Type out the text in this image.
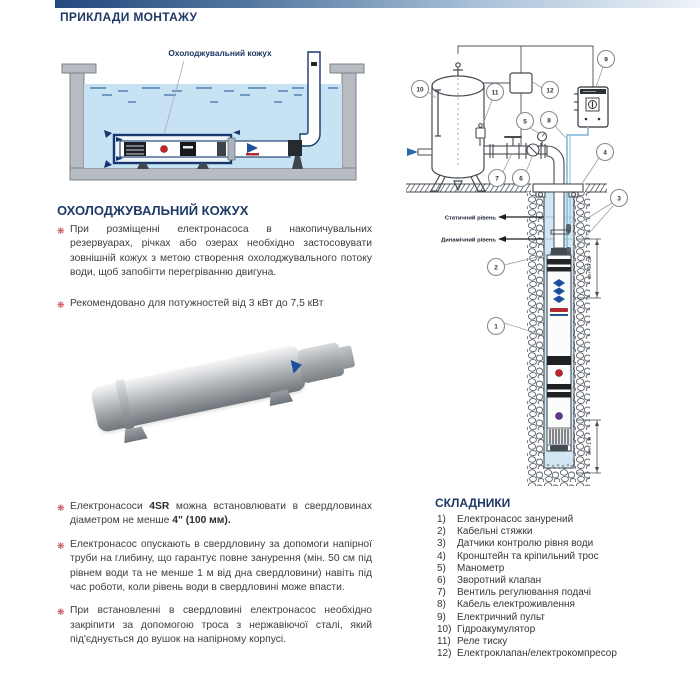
ПРИКЛАДИ МОНТАЖУ
Охолоджувальний кожух
ОХОЛОДЖУВАЛЬНИЙ КОЖУХ
❋ При розміщенні електронасоса в накопичувальних резервуарах, річках або озерах необхідно застосовувати зовнішній кожух з метою створення охолоджувального потоку води, щоб запобігти перегріванню двигуна.
❋ Рекомендовано для потужностей від 3 кВт до 7,5 кВт
❋ Електронасоси 4SR можна встановлювати в свердловинах діаметром не менше 4" (100 мм).
❋ Електронасос опускають в свердловину за допомоги напірної труби на глибину, що гарантує повне занурення (мін. 50 см під рівнем води та не менше 1 м від дна свердловини) навіть під час роботи, коли рівень води в свердловині може впасти.
❋ При встановленні в свердловині електронасос необхідно закріпити за допомогою троса з нержавіючої сталі, який під'єднується до вушок на напірному корпусі.
Статичний рівень
Динамічний рівень
мін. 50 см
мін. 1 м
1
2
3
4
5
6
7
8
9
10	11	12
СКЛАДНИКИ
1)	Електронасос занурений
2)	Кабельні стяжки
3)	Датчики контролю рівня води
4)	Кронштейн та кріпильний трос
5)	Манометр
6)	Зворотний клапан
7)	Вентиль регулювання подачі
8)	Кабель електроживлення
9)	Електричний пульт
10) Гідроакумулятор
11) Реле тиску
12) Електроклапан/електрокомпресор
